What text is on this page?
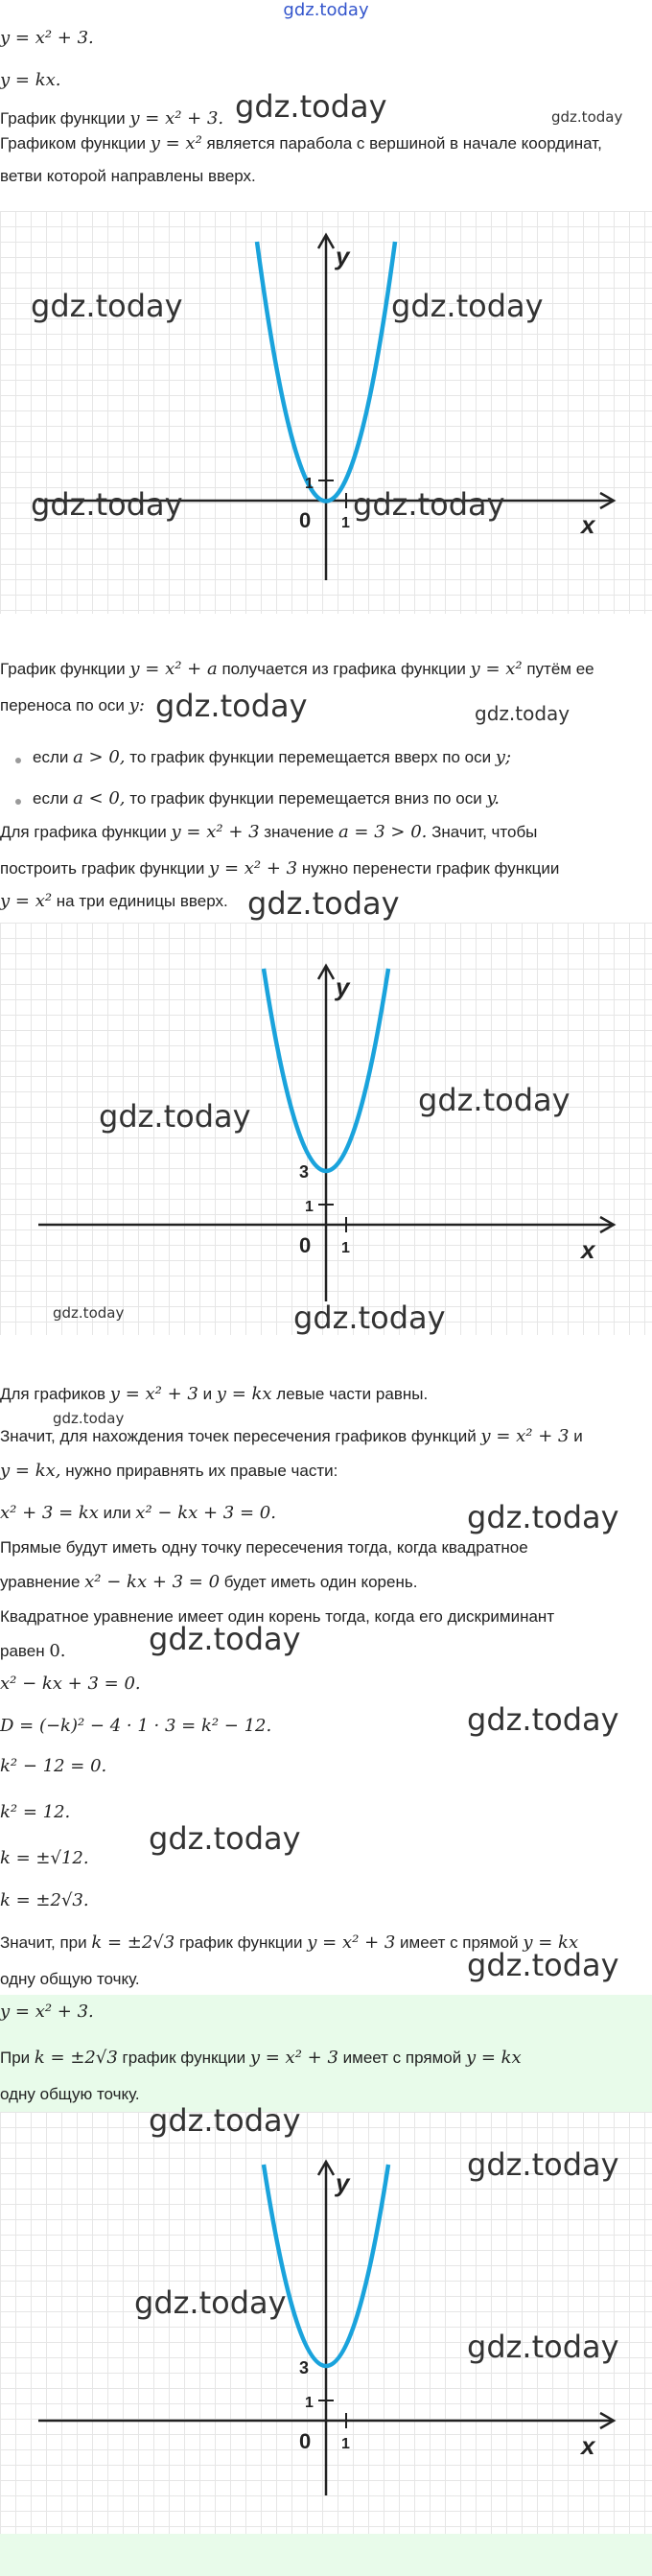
gdz.today
y = x² + 3.
y = kx.
График функции y = x² + 3.
Графиком функции y = x² является парабола с вершиной в начале координат,
ветви которой направлены вверх.
gdz.today	gdz.today
y
x
0
1
1
gdz.today	gdz.today
gdz.today	gdz.today
График функции y = x² + a получается из графика функции y = x² путём ее
переноса по оси y: gdz.today	gdz.today
если a > 0, то график функции перемещается вверх по оси y;
если a < 0, то график функции перемещается вниз по оси y.
Для графика функции y = x² + 3 значение a = 3 > 0. Значит, чтобы
построить график функции y = x² + 3 нужно перенести график функции
y = x² на три единицы вверх. gdz.today
y
x
0
1
1
3
gdz.today	gdz.today
gdz.today	gdz.today
Для графиков y = x² + 3 и y = kx левые части равны.
gdz.today
Значит, для нахождения точек пересечения графиков функций y = x² + 3 и
y = kx, нужно приравнять их правые части:
x² + 3 = kx или x² − kx + 3 = 0.	gdz.today
Прямые будут иметь одну точку пересечения тогда, когда квадратное
уравнение x² − kx + 3 = 0 будет иметь один корень.
Квадратное уравнение имеет один корень тогда, когда его дискриминант
равен 0.	gdz.today
x² − kx + 3 = 0.
D = (−k)² − 4 · 1 · 3 = k² − 12.	gdz.today
k² − 12 = 0.
k² = 12.
k = ±√12.
gdz.today
k = ±2√3.
Значит, при k = ±2√3 график функции y = x² + 3 имеет с прямой y = kx
одну общую точку.	gdz.today
y = x² + 3.
При k = ±2√3 график функции y = x² + 3 имеет с прямой y = kx
одну общую точку.
y
x
0
1
1
3
gdz.today
gdz.today
gdz.today
gdz.today
